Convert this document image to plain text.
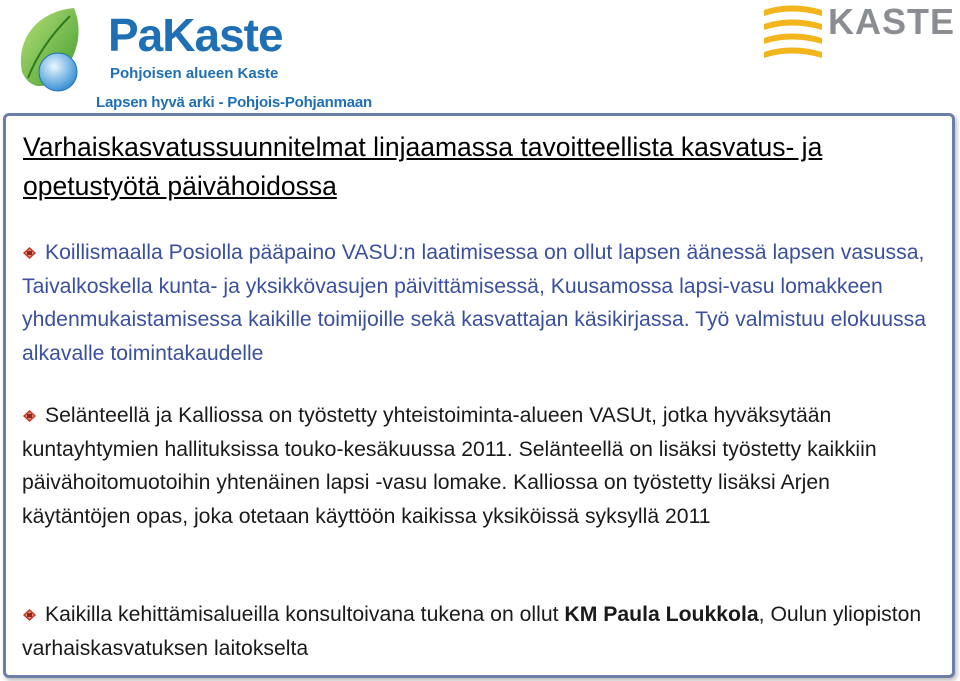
PaKaste
Pohjoisen alueen Kaste
Lapsen hyvä arki - Pohjois-Pohjanmaan
KASTE
Varhaiskasvatussuunnitelmat linjaamassa tavoitteellista kasvatus- ja opetustyötä päivähoidossa

Koillismaalla Posiolla pääpaino VASU:n laatimisessa on ollut lapsen äänessä lapsen vasussa, Taivalkoskella kunta- ja yksikkövasujen päivittämisessä, Kuusamossa lapsi-vasu lomakkeen yhdenmukaistamisessa kaikille toimijoille sekä kasvattajan käsikirjassa. Työ valmistuu elokuussa alkavalle toimintakaudelle

Selänteellä ja Kalliossa on työstetty yhteistoiminta-alueen VASUt, jotka hyväksytään kuntayhtymien hallituksissa touko-kesäkuussa 2011. Selänteellä on lisäksi työstetty kaikkiin päivähoitomuotoihin yhtenäinen lapsi -vasu lomake. Kalliossa on työstetty lisäksi Arjen käytäntöjen opas, joka otetaan käyttöön kaikissa yksiköissä syksyllä 2011

Kaikilla kehittämisalueilla konsultoivana tukena on ollut KM Paula Loukkola, Oulun yliopiston varhaiskasvatuksen laitokselta
